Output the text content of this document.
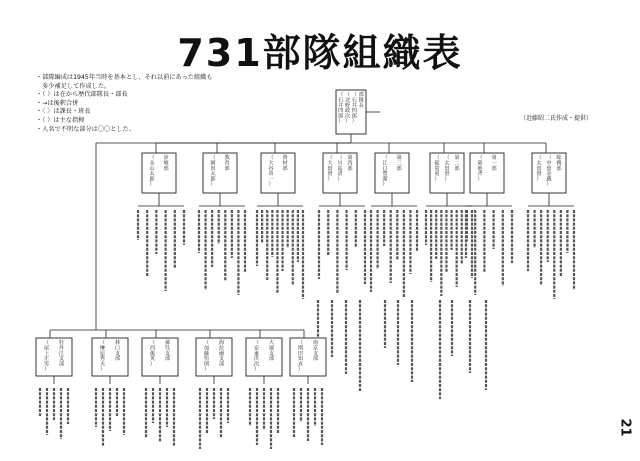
731部隊組織表
・部隊編成は1945年当時を基本とし、それ以前にあった組織も
　多少補足して作成した。
・（ ）は在から歴代部隊長・部長
・→は後釈合併
・〈 〉は課長・班長
・（ ）は主な指揮
・人名で不明な部分は〇〇とした。
（近藤昭二氏作成・提供）
21
部隊長
（石井四郎）
（北野政次）
（石井四郎）
診療部
（永山太郎）
教育部
（園田太郎）
資材部
（大谷章一）
第四部
（川島清）
（大田澄）
第三部
（江口豊潔）
第二部
（太田澄）
（碇常重）
第一部
（菊地斉）
総務部
（中留金蔵）
（太田澄）
牡丹江支部
（尾上正男）
林口支部
（榊原秀夫）
孫呉支部
（西俊英）
海拉爾支部
（加藤恒則）
大連支部
（安東洪次）
南京支部
（増田知貞）
